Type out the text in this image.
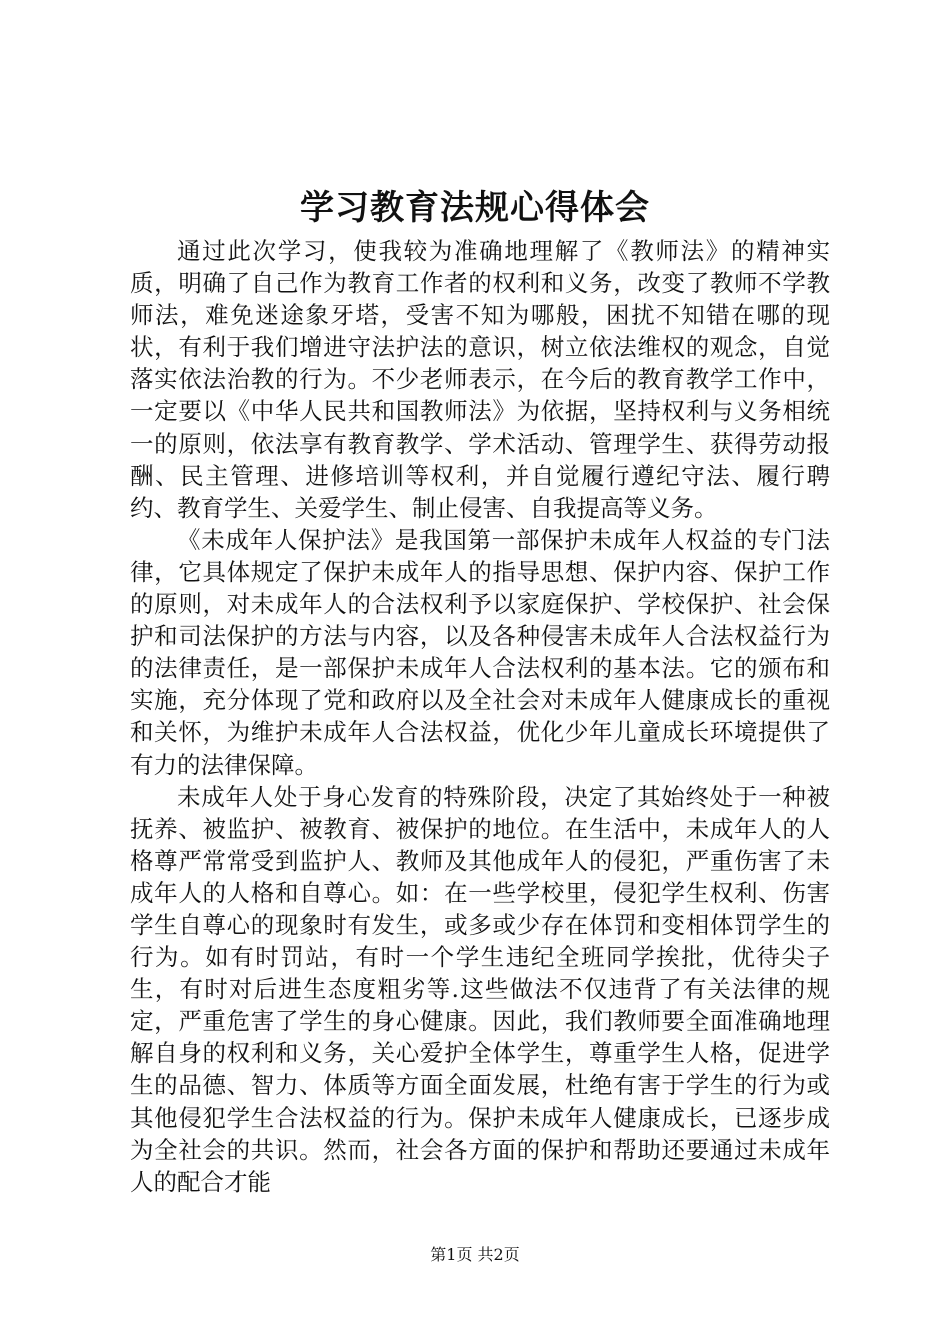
学习教育法规心得体会

通过此次学习，使我较为准确地理解了《教师法》的精神实质，明确了自己作为教育工作者的权利和义务，改变了教师不学教师法，难免迷途象牙塔，受害不知为哪般，困扰不知错在哪的现状，有利于我们增进守法护法的意识，树立依法维权的观念，自觉落实依法治教的行为。不少老师表示，在今后的教育教学工作中，一定要以《中华人民共和国教师法》为依据，坚持权利与义务相统一的原则，依法享有教育教学、学术活动、管理学生、获得劳动报酬、民主管理、进修培训等权利，并自觉履行遵纪守法、履行聘约、教育学生、关爱学生、制止侵害、自我提高等义务。

《未成年人保护法》是我国第一部保护未成年人权益的专门法律，它具体规定了保护未成年人的指导思想、保护内容、保护工作的原则，对未成年人的合法权利予以家庭保护、学校保护、社会保护和司法保护的方法与内容，以及各种侵害未成年人合法权益行为的法律责任，是一部保护未成年人合法权利的基本法。它的颁布和实施，充分体现了党和政府以及全社会对未成年人健康成长的重视和关怀，为维护未成年人合法权益，优化少年儿童成长环境提供了有力的法律保障。

未成年人处于身心发育的特殊阶段，决定了其始终处于一种被抚养、被监护、被教育、被保护的地位。在生活中，未成年人的人格尊严常常受到监护人、教师及其他成年人的侵犯，严重伤害了未成年人的人格和自尊心。如：在一些学校里，侵犯学生权利、伤害学生自尊心的现象时有发生，或多或少存在体罚和变相体罚学生的行为。如有时罚站，有时一个学生违纪全班同学挨批，优待尖子生，有时对后进生态度粗劣等.这些做法不仅违背了有关法律的规定，严重危害了学生的身心健康。因此，我们教师要全面准确地理解自身的权利和义务，关心爱护全体学生，尊重学生人格，促进学生的品德、智力、体质等方面全面发展，杜绝有害于学生的行为或其他侵犯学生合法权益的行为。保护未成年人健康成长，已逐步成为全社会的共识。然而，社会各方面的保护和帮助还要通过未成年人的配合才能

第1页 共2页
